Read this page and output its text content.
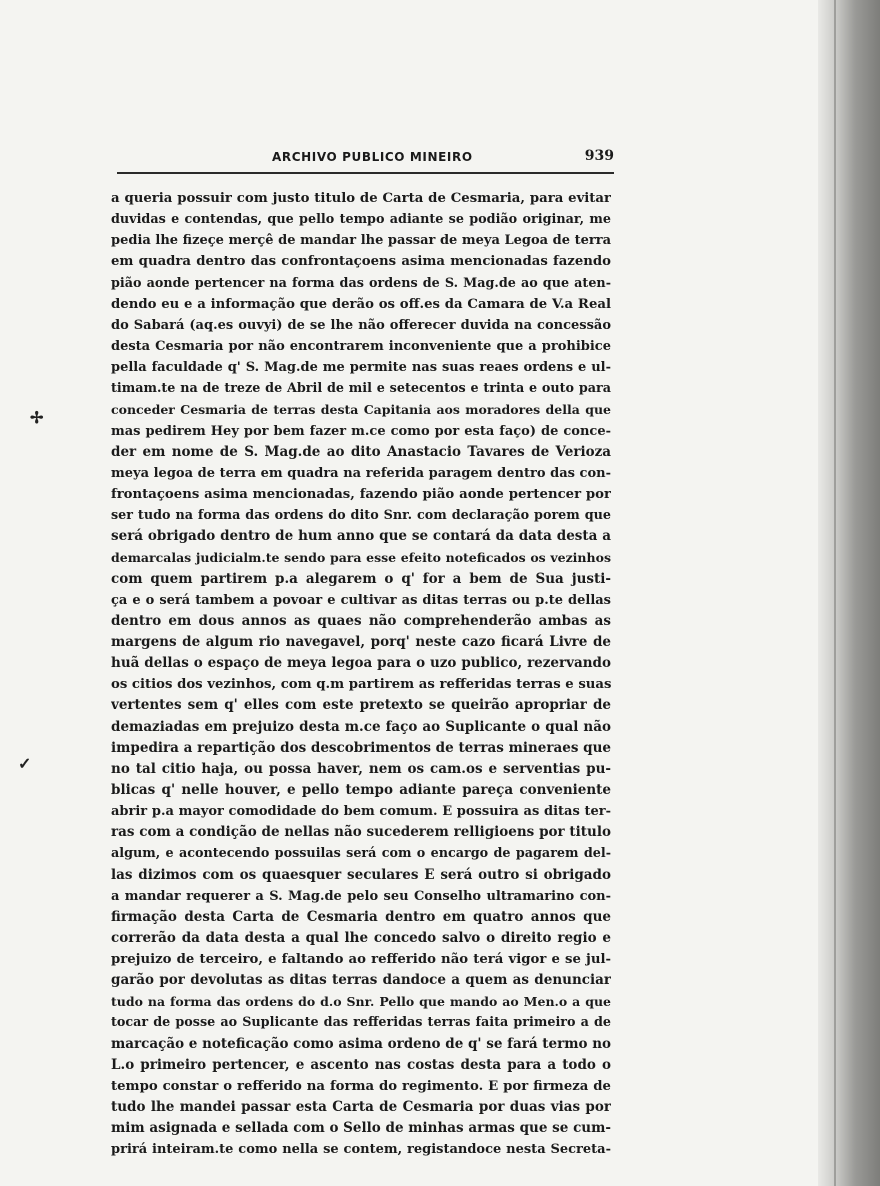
ARCHIVO PUBLICO MINEIRO	939
✢
✓
a queria possuir com justo titulo de Carta de Cesmaria, para evitar
duvidas e contendas, que pello tempo adiante se podião originar, me
pedia lhe fizeçe merçê de mandar lhe passar de meya Legoa de terra
em quadra dentro das confrontaçoens asima mencionadas fazendo
pião aonde pertencer na forma das ordens de S. Mag.de ao que aten-
dendo eu e a informação que derão os off.es da Camara de V.a Real
do Sabará (aq.es ouvyi) de se lhe não offerecer duvida na concessão
desta Cesmaria por não encontrarem inconveniente que a prohibice
pella faculdade q' S. Mag.de me permite nas suas reaes ordens e ul-
timam.te na de treze de Abril de mil e setecentos e trinta e outo para
conceder Cesmaria de terras desta Capitania aos moradores della que
mas pedirem Hey por bem fazer m.ce como por esta faço) de conce-
der em nome de S. Mag.de ao dito Anastacio Tavares de Verioza
meya legoa de terra em quadra na referida paragem dentro das con-
frontaçoens asima mencionadas, fazendo pião aonde pertencer por
ser tudo na forma das ordens do dito Snr. com declaração porem que
será obrigado dentro de hum anno que se contará da data desta a
demarcalas judicialm.te sendo para esse efeito noteficados os vezinhos
com quem partirem p.a alegarem o q' for a bem de Sua justi-
ça e o será tambem a povoar e cultivar as ditas terras ou p.te dellas
dentro em dous annos as quaes não comprehenderão ambas as
margens de algum rio navegavel, porq' neste cazo ficará Livre de
huã dellas o espaço de meya legoa para o uzo publico, rezervando
os citios dos vezinhos, com q.m partirem as refferidas terras e suas
vertentes sem q' elles com este pretexto se queirão apropriar de
demaziadas em prejuizo desta m.ce faço ao Suplicante o qual não
impedira a repartição dos descobrimentos de terras mineraes que
no tal citio haja, ou possa haver, nem os cam.os e serventias pu-
blicas q' nelle houver, e pello tempo adiante pareça conveniente
abrir p.a mayor comodidade do bem comum. E possuira as ditas ter-
ras com a condição de nellas não sucederem relligioens por titulo
algum, e acontecendo possuilas será com o encargo de pagarem del-
las dizimos com os quaesquer seculares E será outro si obrigado
a mandar requerer a S. Mag.de pelo seu Conselho ultramarino con-
firmação desta Carta de Cesmaria dentro em quatro annos que
correrão da data desta a qual lhe concedo salvo o direito regio e
prejuizo de terceiro, e faltando ao refferido não terá vigor e se jul-
garão por devolutas as ditas terras dandoce a quem as denunciar
tudo na forma das ordens do d.o Snr. Pello que mando ao Men.o a que
tocar de posse ao Suplicante das refferidas terras faita primeiro a de
marcação e noteficação como asima ordeno de q' se fará termo no
L.o primeiro pertencer, e ascento nas costas desta para a todo o
tempo constar o refferido na forma do regimento. E por firmeza de
tudo lhe mandei passar esta Carta de Cesmaria por duas vias por
mim asignada e sellada com o Sello de minhas armas que se cum-
prirá inteiram.te como nella se contem, registandoce nesta Secreta-
